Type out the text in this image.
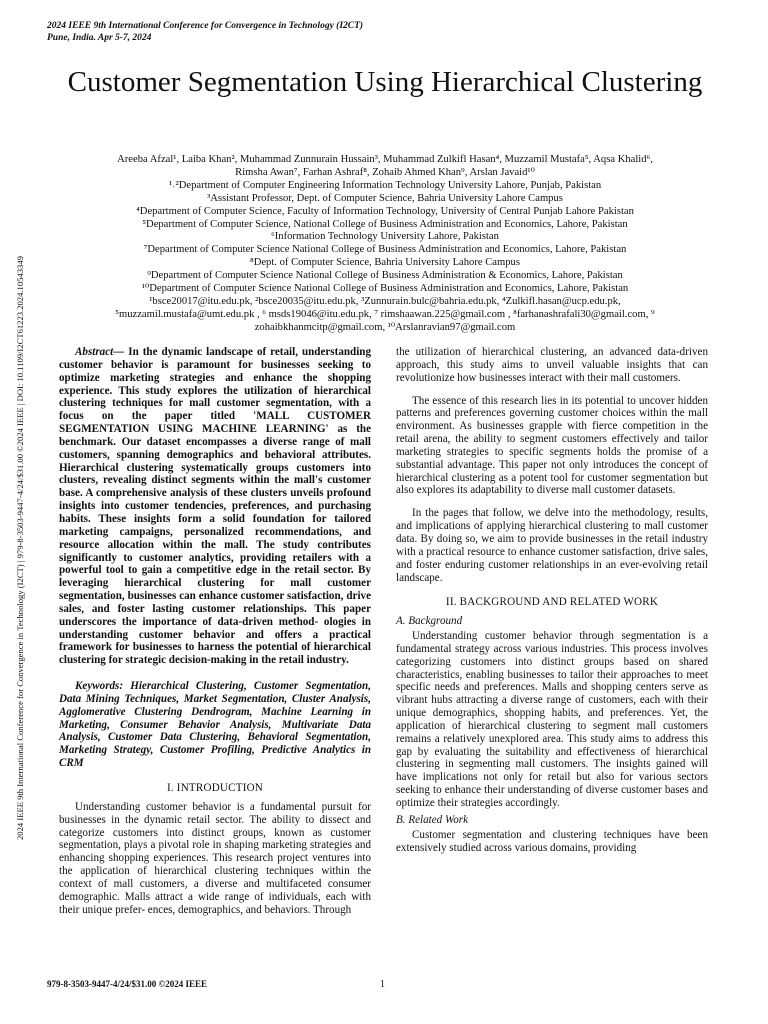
2024 IEEE 9th International Conference for Convergence in Technology (I2CT)
Pune, India. Apr 5-7, 2024
2024 IEEE 9th International Conference for Convergence in Technology (I2CT) | 979-8-3503-9447-4/24/$31.00 ©2024 IEEE | DOI: 10.1109/I2CT61223.2024.10543349
Customer Segmentation Using Hierarchical Clustering
Areeba Afzal¹, Laiba Khan², Muhammad Zunnurain Hussain³, Muhammad Zulkifl Hasan⁴, Muzzamil Mustafa⁵, Aqsa Khalid⁶,
Rimsha Awan⁷, Farhan Ashraf⁸, Zohaib Ahmed Khan⁹, Arslan Javaid¹⁰
¹˒²Department of Computer Engineering Information Technology University Lahore, Punjab, Pakistan
³Assistant Professor, Dept. of Computer Science, Bahria University Lahore Campus
⁴Department of Computer Science, Faculty of Information Technology, University of Central Punjab Lahore Pakistan
⁵Department of Computer Science, National College of Business Administration and Economics, Lahore, Pakistan
⁶Information Technology University Lahore, Pakistan
⁷Department of Computer Science National College of Business Administration and Economics, Lahore, Pakistan
⁸Dept. of Computer Science, Bahria University Lahore Campus
⁹Department of Computer Science National College of Business Administration & Economics, Lahore, Pakistan
¹⁰Department of Computer Science National College of Business Administration and Economics, Lahore, Pakistan
¹bsce20017@itu.edu.pk, ²bsce20035@itu.edu.pk, ³Zunnurain.bulc@bahria.edu.pk, ⁴Zulkifl.hasan@ucp.edu.pk,
⁵muzzamil.mustafa@umt.edu.pk , ⁶ msds19046@itu.edu.pk, ⁷ rimshaawan.225@gmail.com , ⁸farhanashrafali30@gmail.com, ⁹
zohaibkhanmcitp@gmail.com, ¹⁰Arslanravian97@gmail.com

Abstract— In the dynamic landscape of retail, understanding customer behavior is paramount for businesses seeking to optimize marketing strategies and enhance the shopping experience. This study explores the utilization of hierarchical clustering techniques for mall customer segmentation, with a focus on the paper titled 'MALL CUSTOMER SEGMENTATION USING MACHINE LEARNING' as the benchmark. Our dataset encompasses a diverse range of mall customers, spanning demographics and behavioral attributes. Hierarchical clustering systematically groups customers into clusters, revealing distinct segments within the mall's customer base. A comprehensive analysis of these clusters unveils profound insights into customer tendencies, preferences, and purchasing habits. These insights form a solid foundation for tailored marketing campaigns, personalized recommendations, and resource allocation within the mall. The study contributes significantly to customer analytics, providing retailers with a powerful tool to gain a competitive edge in the retail sector. By leveraging hierarchical clustering for mall customer segmentation, businesses can enhance customer satisfaction, drive sales, and foster lasting customer relationships. This paper underscores the importance of data-driven method- ologies in understanding customer behavior and offers a practical framework for businesses to harness the potential of hierarchical clustering for strategic decision-making in the retail industry.

Keywords: Hierarchical Clustering, Customer Segmentation, Data Mining Techniques, Market Segmentation, Cluster Analysis, Agglomerative Clustering Dendrogram, Machine Learning in Marketing, Consumer Behavior Analysis, Multivariate Data Analysis, Customer Data Clustering, Behavioral Segmentation, Marketing Strategy, Customer Profiling, Predictive Analytics in CRM

I. INTRODUCTION

Understanding customer behavior is a fundamental pursuit for businesses in the dynamic retail sector. The ability to dissect and categorize customers into distinct groups, known as customer segmentation, plays a pivotal role in shaping marketing strategies and enhancing shopping experiences. This research project ventures into the application of hierarchical clustering techniques within the context of mall customers, a diverse and multifaceted consumer demographic. Malls attract a wide range of individuals, each with their unique prefer- ences, demographics, and behaviors. Through

the utilization of hierarchical clustering, an advanced data-driven approach, this study aims to unveil valuable insights that can revolutionize how businesses interact with their mall customers.

The essence of this research lies in its potential to uncover hidden patterns and preferences governing customer choices within the mall environment. As businesses grapple with fierce competition in the retail arena, the ability to segment customers effectively and tailor marketing strategies to specific segments holds the promise of a substantial advantage. This paper not only introduces the concept of hierarchical clustering as a potent tool for customer segmentation but also explores its adaptability to diverse mall customer datasets.

In the pages that follow, we delve into the methodology, results, and implications of applying hierarchical clustering to mall customer data. By doing so, we aim to provide businesses in the retail industry with a practical resource to enhance customer satisfaction, drive sales, and foster enduring customer relationships in an ever-evolving retail landscape.

II. BACKGROUND AND RELATED WORK

A. Background

Understanding customer behavior through segmentation is a fundamental strategy across various industries. This process involves categorizing customers into distinct groups based on shared characteristics, enabling businesses to tailor their approaches to meet specific needs and preferences. Malls and shopping centers serve as vibrant hubs attracting a diverse range of customers, each with their unique demographics, shopping habits, and preferences. Yet, the application of hierarchical clustering to segment mall customers remains a relatively unexplored area. This study aims to address this gap by evaluating the suitability and effectiveness of hierarchical clustering in segmenting mall customers. The insights gained will have implications not only for retail but also for various sectors seeking to enhance their understanding of diverse customer bases and optimize their strategies accordingly.

B. Related Work

Customer segmentation and clustering techniques have been extensively studied across various domains, providing

979-8-3503-9447-4/24/$31.00 ©2024 IEEE	1
